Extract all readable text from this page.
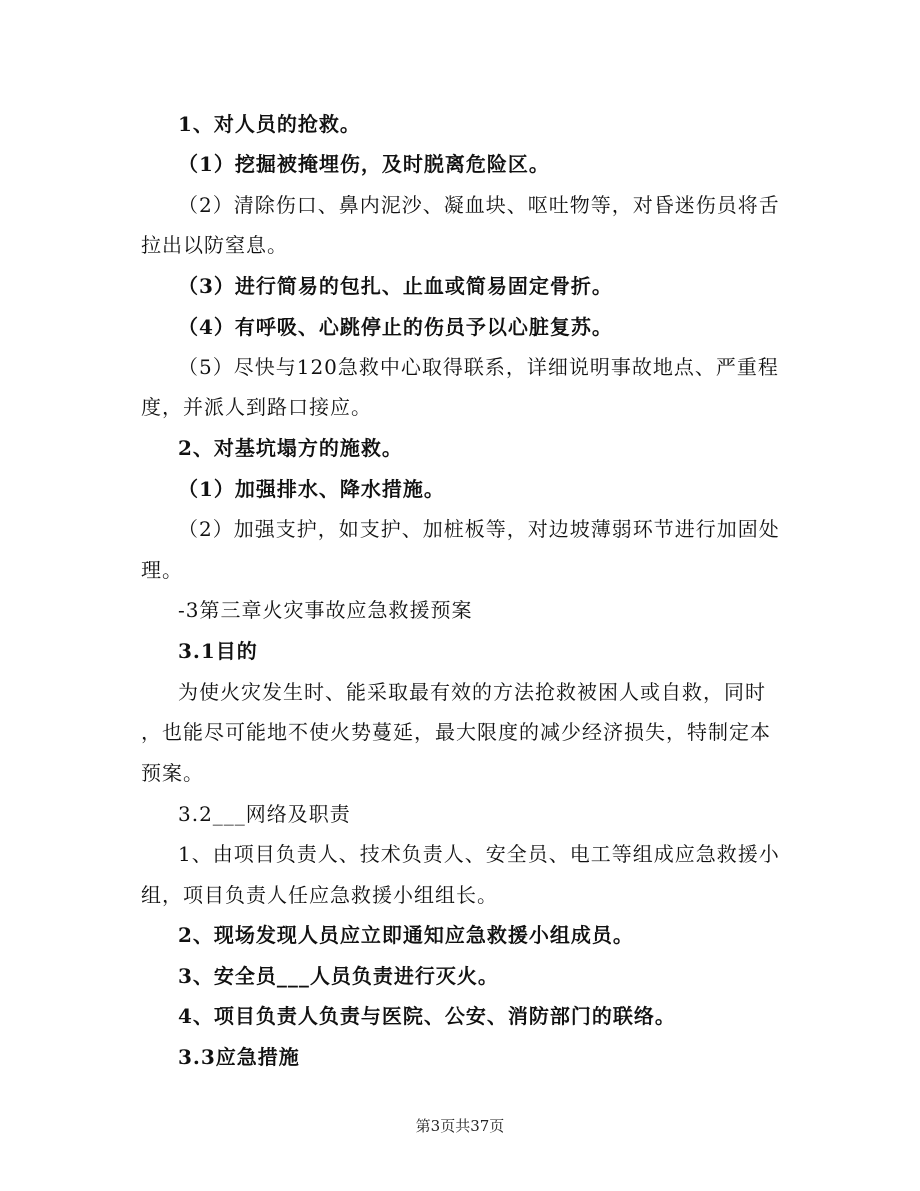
1、对人员的抢救。
（1）挖掘被掩埋伤，及时脱离危险区。
（2）清除伤口、鼻内泥沙、凝血块、呕吐物等，对昏迷伤员将舌
拉出以防窒息。
（3）进行简易的包扎、止血或简易固定骨折。
（4）有呼吸、心跳停止的伤员予以心脏复苏。
（5）尽快与120急救中心取得联系，详细说明事故地点、严重程
度，并派人到路口接应。
2、对基坑塌方的施救。
（1）加强排水、降水措施。
（2）加强支护，如支护、加桩板等，对边坡薄弱环节进行加固处
理。
-3第三章火灾事故应急救援预案
3.1目的
为使火灾发生时、能采取最有效的方法抢救被困人或自救，同时
，也能尽可能地不使火势蔓延，最大限度的减少经济损失，特制定本
预案。
3.2___网络及职责
1、由项目负责人、技术负责人、安全员、电工等组成应急救援小
组，项目负责人任应急救援小组组长。
2、现场发现人员应立即通知应急救援小组成员。
3、安全员___人员负责进行灭火。
4、项目负责人负责与医院、公安、消防部门的联络。
3.3应急措施
第3页共37页
